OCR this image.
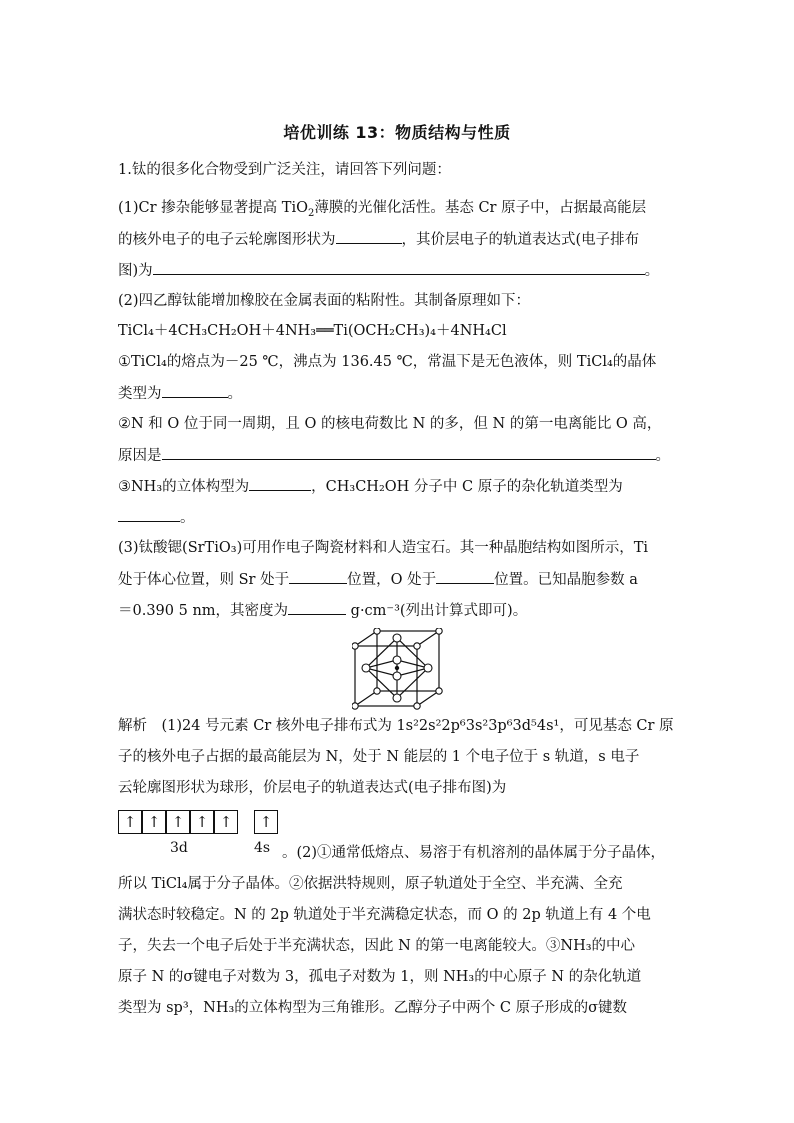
培优训练 13：物质结构与性质
1.钛的很多化合物受到广泛关注，请回答下列问题：
(1)Cr 掺杂能够显著提高 TiO$_2$薄膜的光催化活性。基态 Cr 原子中，占据最高能层
的核外电子的电子云轮廓图形状为	，其价层电子的轨道表达式(电子排布
图)为	。
(2)四乙醇钛能增加橡胶在金属表面的粘附性。其制备原理如下：
TiCl₄＋4CH₃CH₂OH＋4NH₃══Ti(OCH₂CH₃)₄＋4NH₄Cl
①TiCl₄的熔点为－25 ℃，沸点为 136.45 ℃，常温下是无色液体，则 TiCl₄的晶体
类型为	。
②N 和 O 位于同一周期，且 O 的核电荷数比 N 的多，但 N 的第一电离能比 O 高，
原因是	。
③NH₃的立体构型为	，CH₃CH₂OH 分子中 C 原子的杂化轨道类型为
。
(3)钛酸锶(SrTiO₃)可用作电子陶瓷材料和人造宝石。其一种晶胞结构如图所示，Ti
处于体心位置，则 Sr 处于	位置，O 处于	位置。已知晶胞参数 a
＝0.390 5 nm，其密度为	g·cm⁻³(列出计算式即可)。
解析　(1)24 号元素 Cr 核外电子排布式为 1s²2s²2p⁶3s²3p⁶3d⁵4s¹，可见基态 Cr 原
子的核外电子占据的最高能层为 N，处于 N 能层的 1 个电子位于 s 轨道，s 电子
云轮廓图形状为球形，价层电子的轨道表达式(电子排布图)为
↑ ↑ ↑ ↑ ↑	↑
3d	4s 。(2)①通常低熔点、易溶于有机溶剂的晶体属于分子晶体，
所以 TiCl₄属于分子晶体。②依据洪特规则，原子轨道处于全空、半充满、全充
满状态时较稳定。N 的 2p 轨道处于半充满稳定状态，而 O 的 2p 轨道上有 4 个电
子，失去一个电子后处于半充满状态，因此 N 的第一电离能较大。③NH₃的中心
原子 N 的σ键电子对数为 3，孤电子对数为 1，则 NH₃的中心原子 N 的杂化轨道
类型为 sp³，NH₃的立体构型为三角锥形。乙醇分子中两个 C 原子形成的σ键数
